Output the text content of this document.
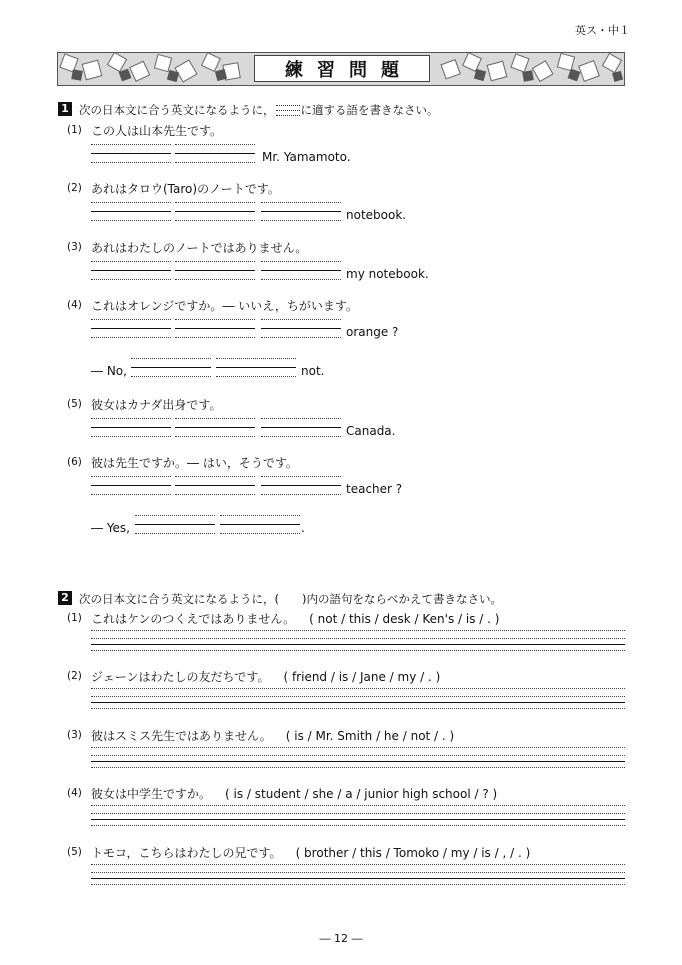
英ス・中１
練習問題
1 次の日本文に合う英文になるように， に適する語を書きなさい。
(1) この人は山本先生です。
Mr. Yamamoto.
(2) あれはタロウ(Taro)のノートです。
notebook.
(3) あれはわたしのノートではありません。
my notebook.
(4) これはオレンジですか。― いいえ，ちがいます。
orange ?
― No,	not.
(5) 彼女はカナダ出身です。
Canada.
(6) 彼は先生ですか。― はい，そうです。
teacher ?
― Yes,	.
2 次の日本文に合う英文になるように，(　　)内の語句をならべかえて書きなさい。
(1) これはケンのつくえではありません。 ( not / this / desk / Ken's / is / . )
(2) ジェーンはわたしの友だちです。 ( friend / is / Jane / my / . )
(3) 彼はスミス先生ではありません。 ( is / Mr. Smith / he / not / . )
(4) 彼女は中学生ですか。 ( is / student / she / a / junior high school / ? )
(5) トモコ，こちらはわたしの兄です。 ( brother / this / Tomoko / my / is / , / . )
― 12 ―
